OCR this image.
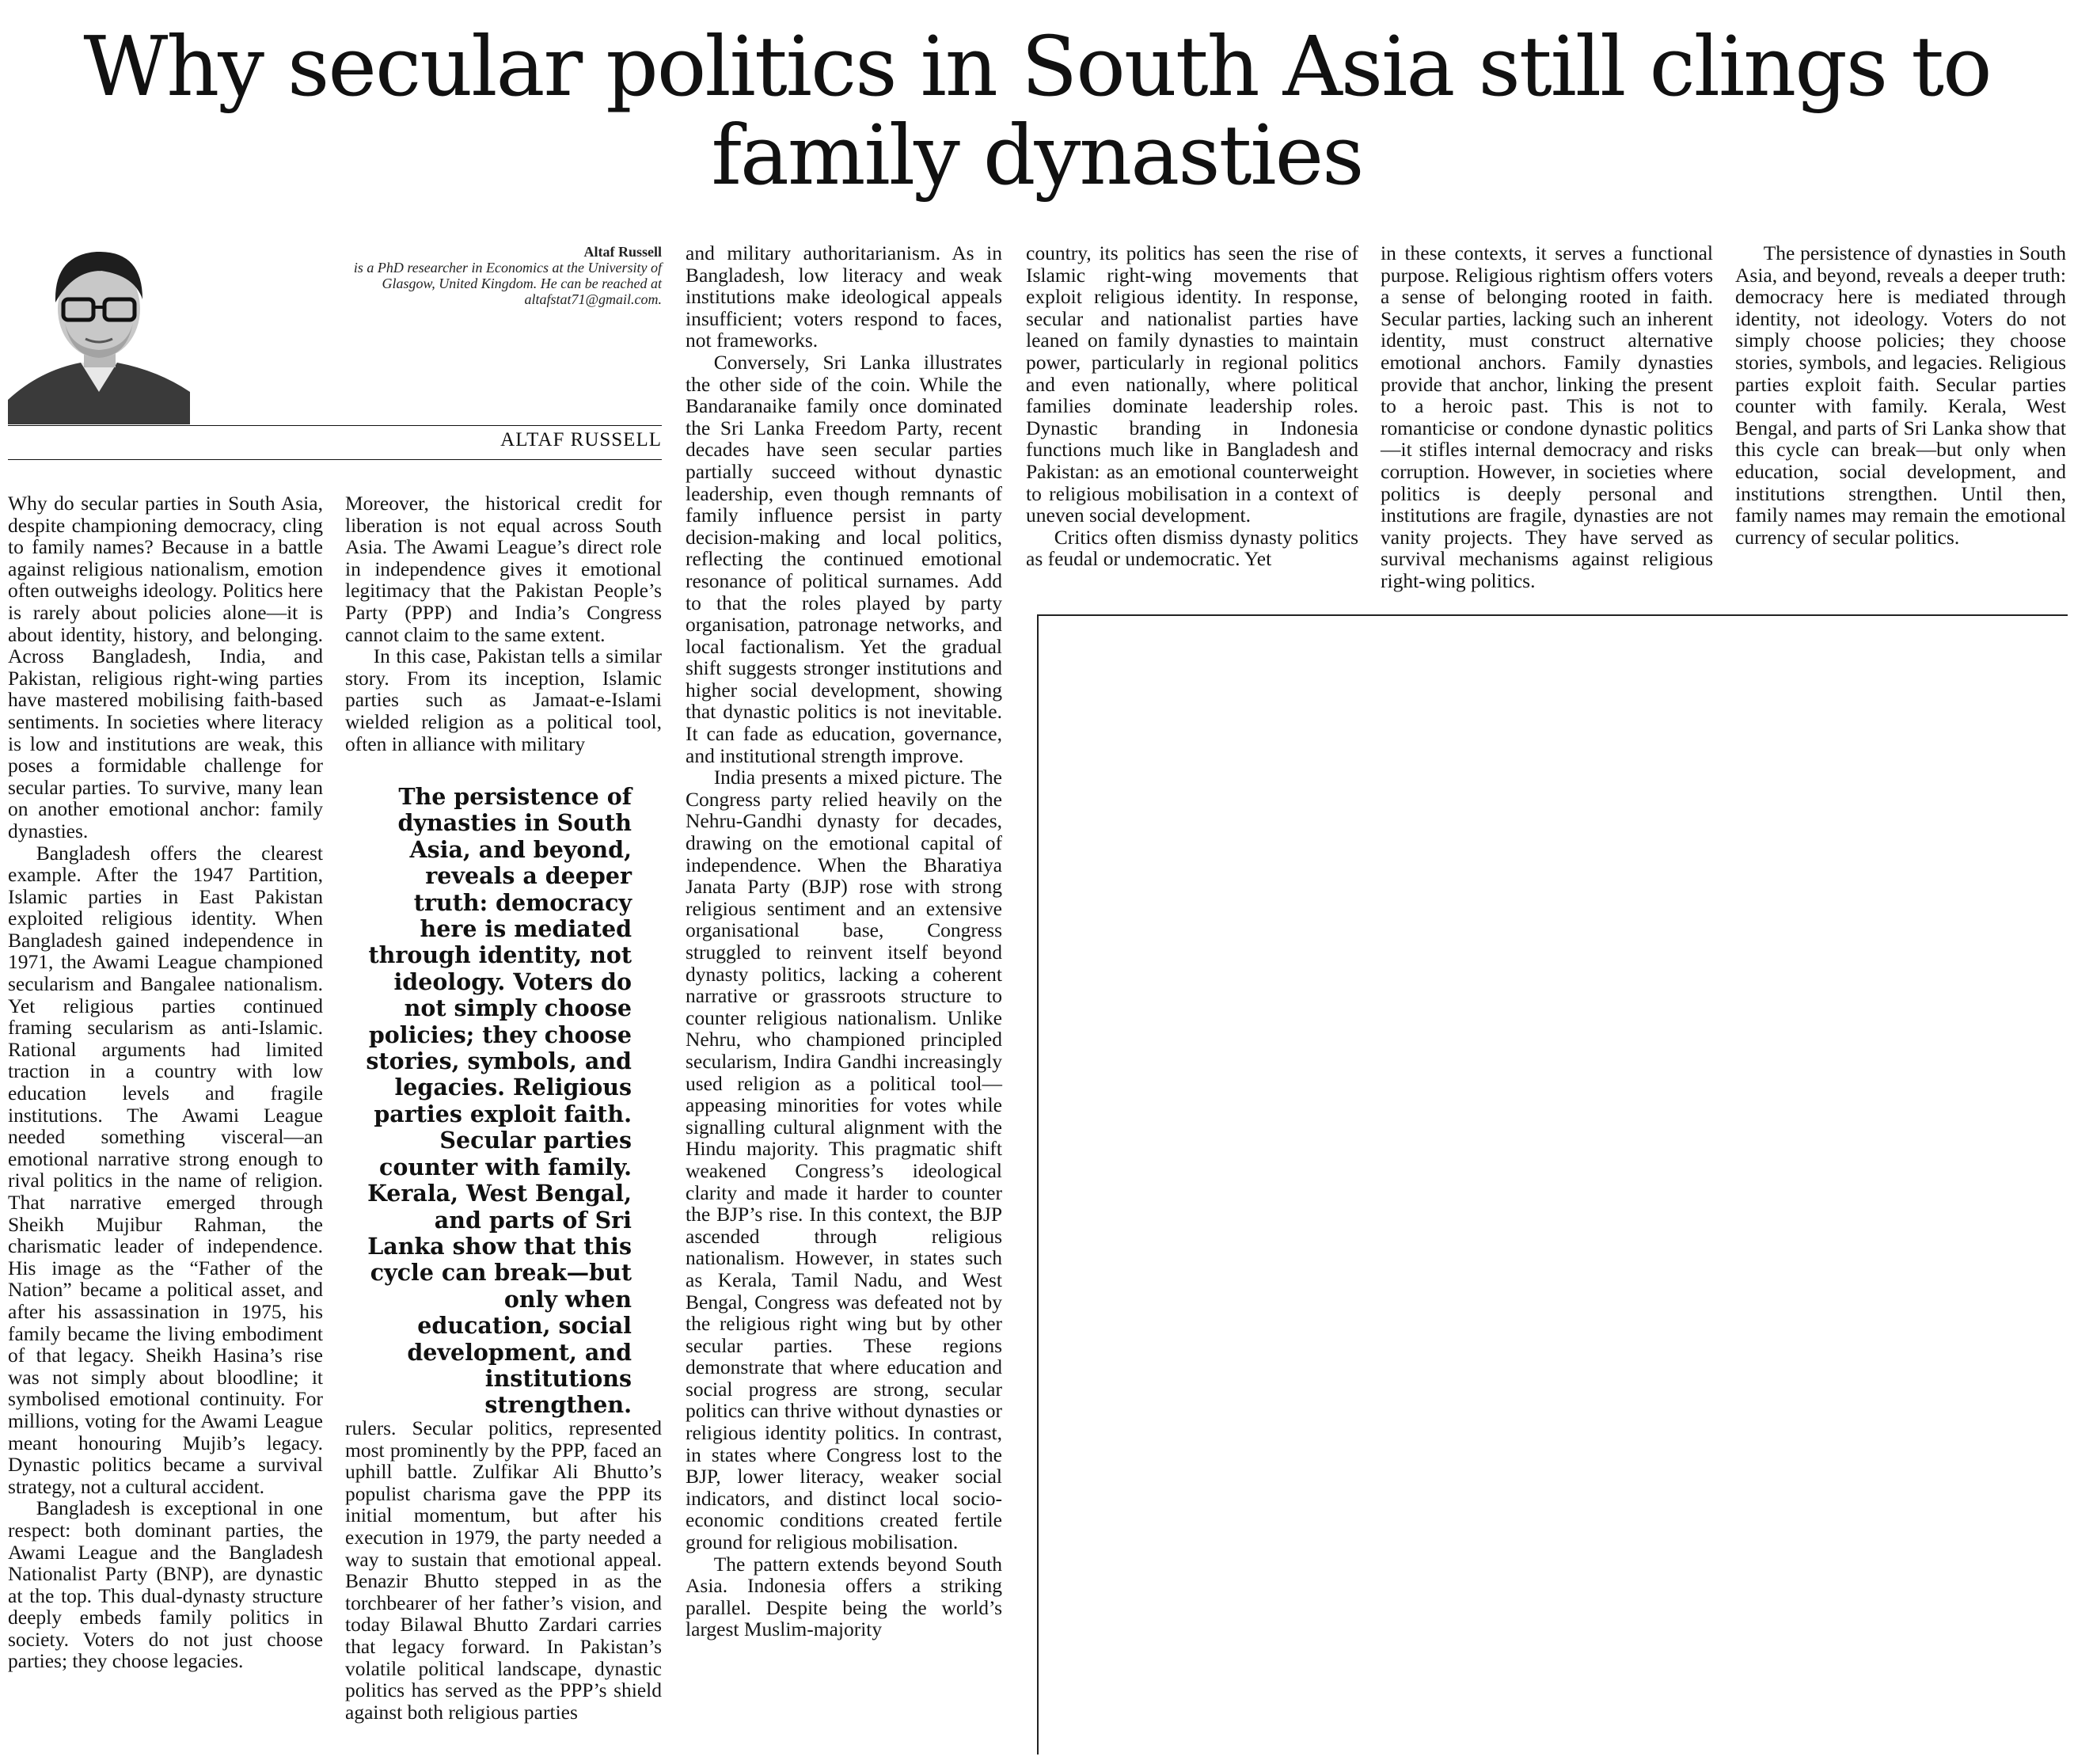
Why secular politics in South Asia still clings to family dynasties
Altaf Russell
is a PhD researcher in Economics at the University of Glasgow, United Kingdom. He can be reached at altafstat71@gmail.com.
ALTAF RUSSELL

Why do secular parties in South Asia, despite championing democracy, cling to family names? Because in a battle against religious nationalism, emotion often outweighs ideology. Politics here is rarely about policies alone—it is about identity, history, and belonging. Across Bangladesh, India, and Pakistan, religious right-wing parties have mastered mobilising faith-based sentiments. In societies where literacy is low and institutions are weak, this poses a formidable challenge for secular parties. To survive, many lean on another emotional anchor: family dynasties.

Bangladesh offers the clearest example. After the 1947 Partition, Islamic parties in East Pakistan exploited religious identity. When Bangladesh gained independence in 1971, the Awami League championed secularism and Bangalee nationalism. Yet religious parties continued framing secularism as anti-Islamic. Rational arguments had limited traction in a country with low education levels and fragile institutions. The Awami League needed something visceral—an emotional narrative strong enough to rival politics in the name of religion. That narrative emerged through Sheikh Mujibur Rahman, the charismatic leader of independence. His image as the “Father of the Nation” became a political asset, and after his assassination in 1975, his family became the living embodiment of that legacy. Sheikh Hasina’s rise was not simply about bloodline; it symbolised emotional continuity. For millions, voting for the Awami League meant honouring Mujib’s legacy. Dynastic politics became a survival strategy, not a cultural accident.

Bangladesh is exceptional in one respect: both dominant parties, the Awami League and the Bangladesh Nationalist Party (BNP), are dynastic at the top. This dual-dynasty structure deeply embeds family politics in society. Voters do not just choose parties; they choose legacies.

Moreover, the historical credit for liberation is not equal across South Asia. The Awami League’s direct role in independence gives it emotional legitimacy that the Pakistan People’s Party (PPP) and India’s Congress cannot claim to the same extent.

In this case, Pakistan tells a similar story. From its inception, Islamic parties such as Jamaat-e-Islami wielded religion as a political tool, often in alliance with military

The persistence of dynasties in South Asia, and beyond, reveals a deeper truth: democracy here is mediated through identity, not ideology. Voters do not simply choose policies; they choose stories, symbols, and legacies. Religious parties exploit faith. Secular parties counter with family. Kerala, West Bengal, and parts of Sri Lanka show that this cycle can break—but only when education, social development, and institutions strengthen.

rulers. Secular politics, represented most prominently by the PPP, faced an uphill battle. Zulfikar Ali Bhutto’s populist charisma gave the PPP its initial momentum, but after his execution in 1979, the party needed a way to sustain that emotional appeal. Benazir Bhutto stepped in as the torchbearer of her father’s vision, and today Bilawal Bhutto Zardari carries that legacy forward. In Pakistan’s volatile political landscape, dynastic politics has served as the PPP’s shield against both religious parties

and military authoritarianism. As in Bangladesh, low literacy and weak institutions make ideological appeals insufficient; voters respond to faces, not frameworks.

Conversely, Sri Lanka illustrates the other side of the coin. While the Bandaranaike family once dominated the Sri Lanka Freedom Party, recent decades have seen secular parties partially succeed without dynastic leadership, even though remnants of family influence persist in party decision-making and local politics, reflecting the continued emotional resonance of political surnames. Add to that the roles played by party organisation, patronage networks, and local factionalism. Yet the gradual shift suggests stronger institutions and higher social development, showing that dynastic politics is not inevitable. It can fade as education, governance, and institutional strength improve.

India presents a mixed picture. The Congress party relied heavily on the Nehru-Gandhi dynasty for decades, drawing on the emotional capital of independence. When the Bharatiya Janata Party (BJP) rose with strong religious sentiment and an extensive organisational base, Congress struggled to reinvent itself beyond dynasty politics, lacking a coherent narrative or grassroots structure to counter religious nationalism. Unlike Nehru, who championed principled secularism, Indira Gandhi increasingly used religion as a political tool—appeasing minorities for votes while signalling cultural alignment with the Hindu majority. This pragmatic shift weakened Congress’s ideological clarity and made it harder to counter the BJP’s rise. In this context, the BJP ascended through religious nationalism. However, in states such as Kerala, Tamil Nadu, and West Bengal, Congress was defeated not by the religious right wing but by other secular parties. These regions demonstrate that where education and social progress are strong, secular politics can thrive without dynasties or religious identity politics. In contrast, in states where Congress lost to the BJP, lower literacy, weaker social indicators, and distinct local socio-economic conditions created fertile ground for religious mobilisation.

The pattern extends beyond South Asia. Indonesia offers a striking parallel. Despite being the world’s largest Muslim-majority

country, its politics has seen the rise of Islamic right-wing movements that exploit religious identity. In response, secular and nationalist parties have leaned on family dynasties to maintain power, particularly in regional politics and even nationally, where political families dominate leadership roles. Dynastic branding in Indonesia functions much like in Bangladesh and Pakistan: as an emotional counterweight to religious mobilisation in a context of uneven social development.

Critics often dismiss dynasty politics as feudal or undemocratic. Yet

in these contexts, it serves a functional purpose. Religious rightism offers voters a sense of belonging rooted in faith. Secular parties, lacking such an inherent identity, must construct alternative emotional anchors. Family dynasties provide that anchor, linking the present to a heroic past. This is not to romanticise or condone dynastic politics—it stifles internal democracy and risks corruption. However, in societies where politics is deeply personal and institutions are fragile, dynasties are not vanity projects. They have served as survival mechanisms against religious right-wing politics.

The persistence of dynasties in South Asia, and beyond, reveals a deeper truth: democracy here is mediated through identity, not ideology. Voters do not simply choose policies; they choose stories, symbols, and legacies. Religious parties exploit faith. Secular parties counter with family. Kerala, West Bengal, and parts of Sri Lanka show that this cycle can break—but only when education, social development, and institutions strengthen. Until then, family names may remain the emotional currency of secular politics.
